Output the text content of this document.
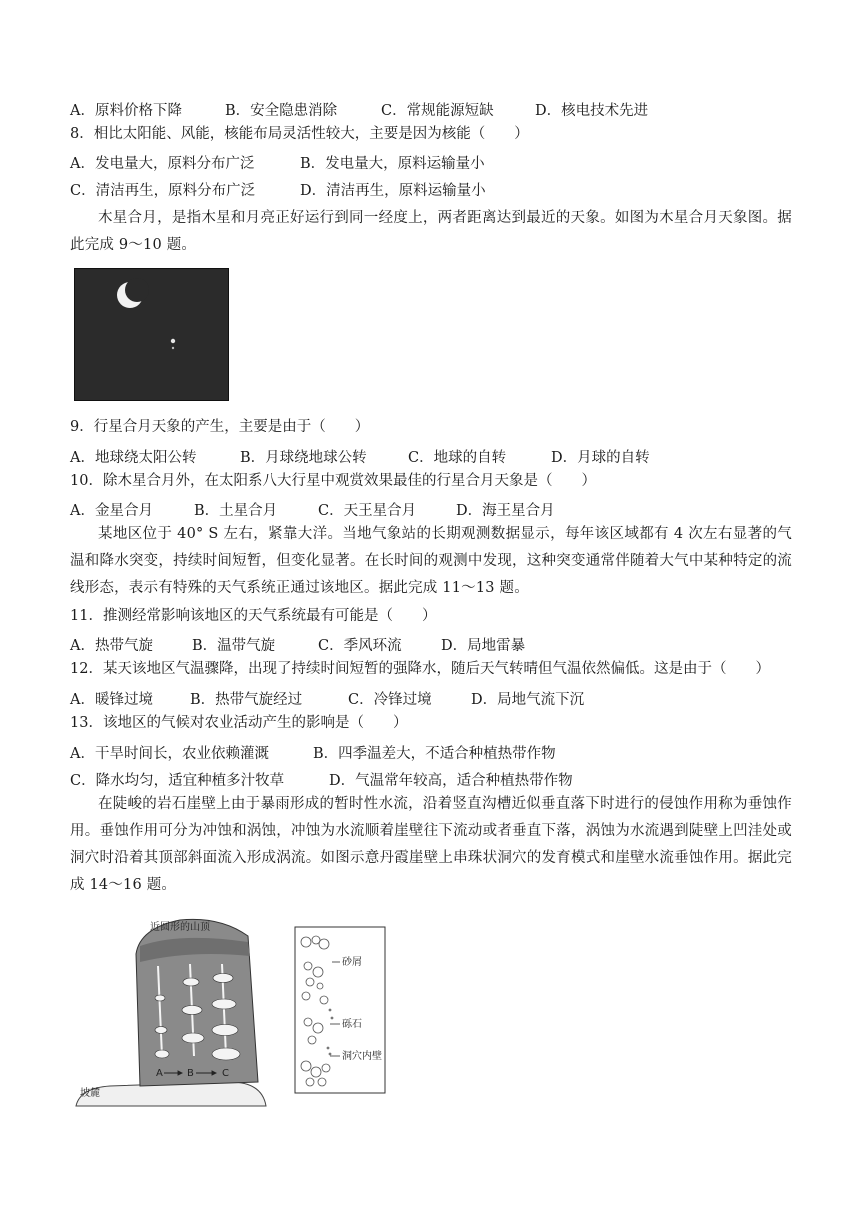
A．原料价格下降	B．安全隐患消除	C．常规能源短缺	D．核电技术先进
8．相比太阳能、风能，核能布局灵活性较大，主要是因为核能（　　）
A．发电量大，原料分布广泛	B．发电量大，原料运输量小
C．清洁再生，原料分布广泛	D．清洁再生，原料运输量小
木星合月，是指木星和月亮正好运行到同一经度上，两者距离达到最近的天象。如图为木星合月天象图。据此完成 9～10 题。
9．行星合月天象的产生，主要是由于（　　）
A．地球绕太阳公转	B．月球绕地球公转	C．地球的自转	D．月球的自转
10．除木星合月外，在太阳系八大行星中观赏效果最佳的行星合月天象是（　　）
A．金星合月	B．土星合月	C．天王星合月	D．海王星合月
某地区位于 40° S 左右，紧靠大洋。当地气象站的长期观测数据显示，每年该区域都有 4 次左右显著的气温和降水突变，持续时间短暂，但变化显著。在长时间的观测中发现，这种突变通常伴随着大气中某种特定的流线形态，表示有特殊的天气系统正通过该地区。据此完成 11～13 题。
11．推测经常影响该地区的天气系统最有可能是（　　）
A．热带气旋	B．温带气旋	C．季风环流	D．局地雷暴
12．某天该地区气温骤降，出现了持续时间短暂的强降水，随后天气转晴但气温依然偏低。这是由于（　　）
A．暖锋过境	B．热带气旋经过	C．冷锋过境	D．局地气流下沉
13．该地区的气候对农业活动产生的影响是（　　）
A．干旱时间长，农业依赖灌溉	B．四季温差大，不适合种植热带作物
C．降水均匀，适宜种植多汁牧草	D．气温常年较高，适合种植热带作物
在陡峻的岩石崖壁上由于暴雨形成的暂时性水流，沿着竖直沟槽近似垂直落下时进行的侵蚀作用称为垂蚀作用。垂蚀作用可分为冲蚀和涡蚀，冲蚀为水流顺着崖壁往下流动或者垂直下落，涡蚀为水流遇到陡壁上凹洼处或洞穴时沿着其顶部斜面流入形成涡流。如图示意丹霞崖壁上串珠状洞穴的发育模式和崖壁水流垂蚀作用。据此完成 14～16 题。
近圆形的山顶
坡麓
A B	C
砂屑
砾石
洞穴内壁
